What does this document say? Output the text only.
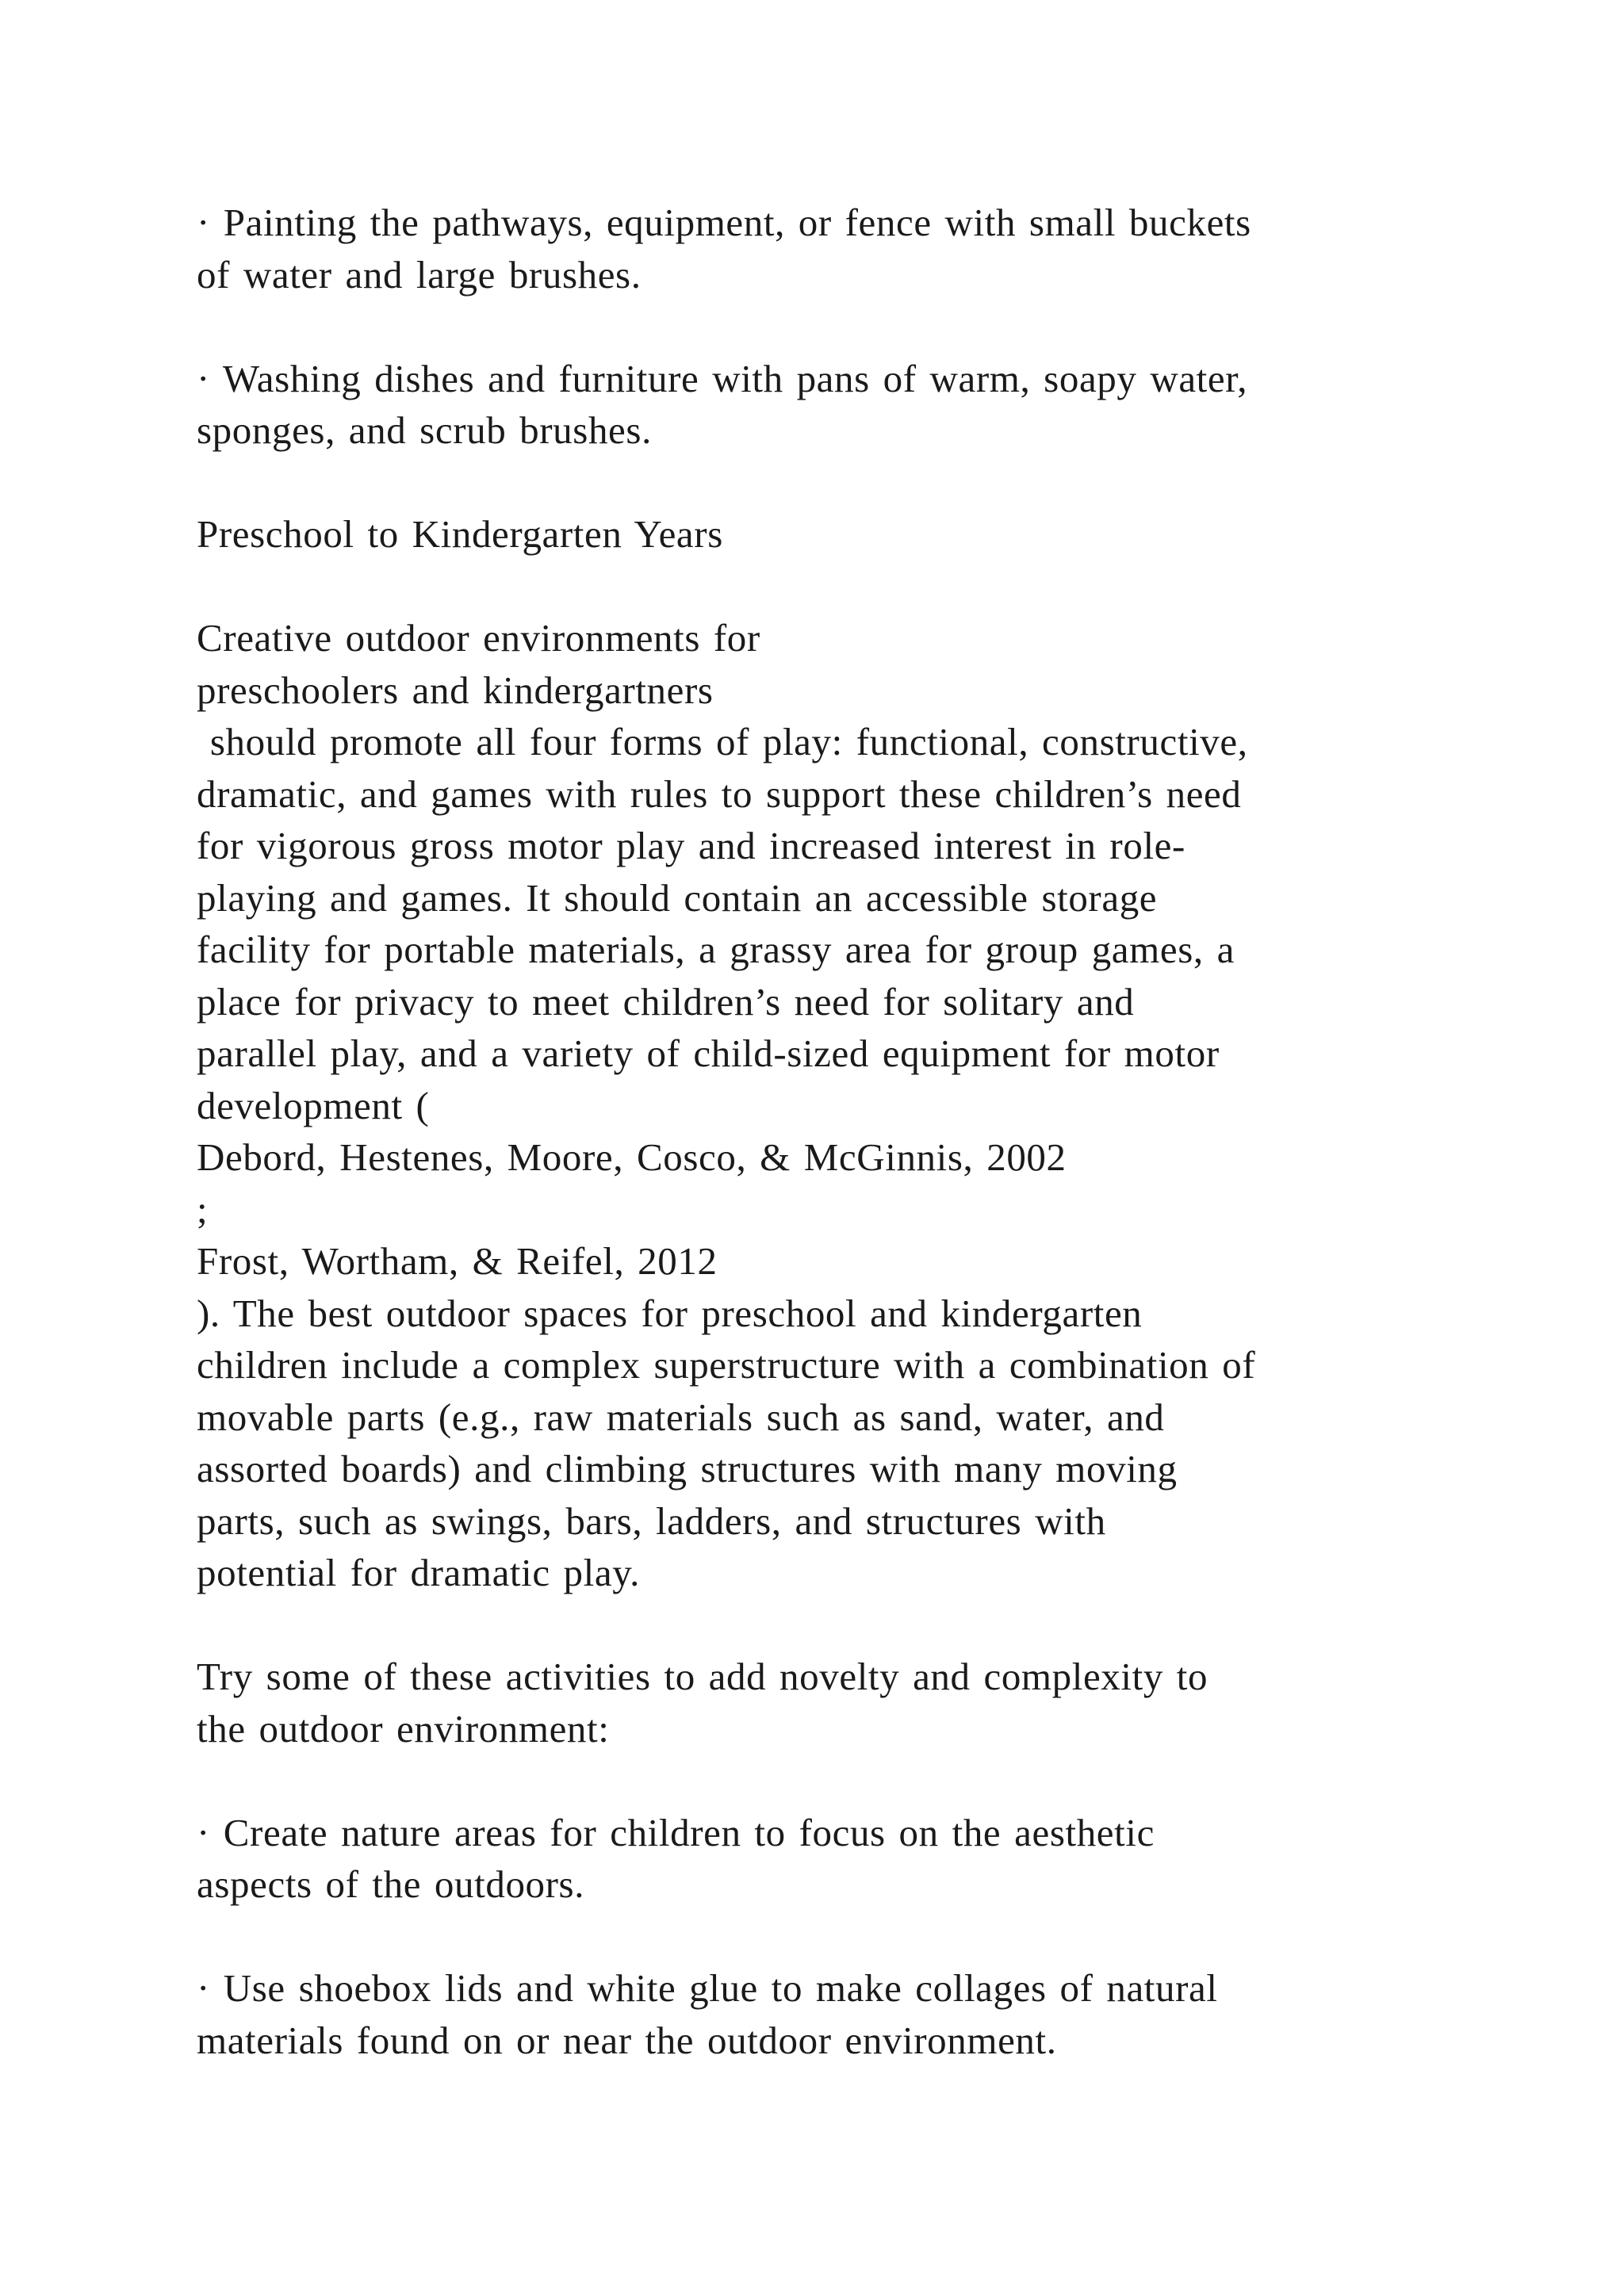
· Painting the pathways, equipment, or fence with small buckets
of water and large brushes.
· Washing dishes and furniture with pans of warm, soapy water,
sponges, and scrub brushes.
Preschool to Kindergarten Years
Creative outdoor environments for
preschoolers and kindergartners
should promote all four forms of play: functional, constructive,
dramatic, and games with rules to support these children’s need
for vigorous gross motor play and increased interest in role-
playing and games. It should contain an accessible storage
facility for portable materials, a grassy area for group games, a
place for privacy to meet children’s need for solitary and
parallel play, and a variety of child-sized equipment for motor
development (
Debord, Hestenes, Moore, Cosco, & McGinnis, 2002
;
Frost, Wortham, & Reifel, 2012
). The best outdoor spaces for preschool and kindergarten
children include a complex superstructure with a combination of
movable parts (e.g., raw materials such as sand, water, and
assorted boards) and climbing structures with many moving
parts, such as swings, bars, ladders, and structures with
potential for dramatic play.
Try some of these activities to add novelty and complexity to
the outdoor environment:
· Create nature areas for children to focus on the aesthetic
aspects of the outdoors.
· Use shoebox lids and white glue to make collages of natural
materials found on or near the outdoor environment.
